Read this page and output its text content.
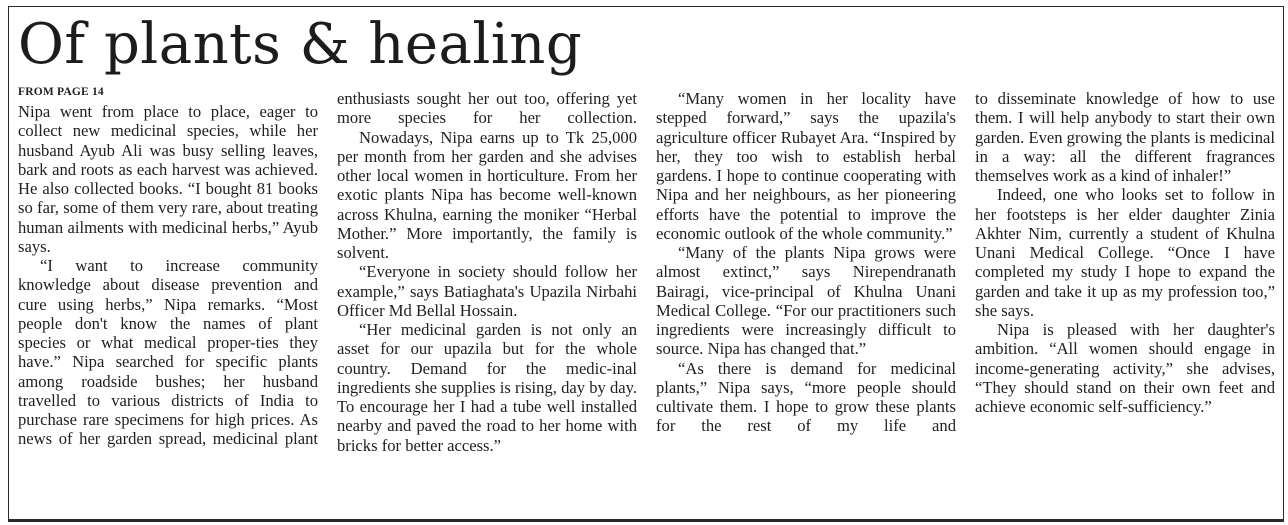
Of plants & healing

FROM PAGE 14

Nipa went from place to place, eager to collect new medicinal species, while her husband Ayub Ali was busy selling leaves, bark and roots as each harvest was achieved. He also collected books. “I bought 81 books so far, some of them very rare, about treating human ailments with medicinal herbs,” Ayub says.

“I want to increase community knowledge about disease prevention and cure using herbs,” Nipa remarks. “Most people don't know the names of plant species or what medical proper-ties they have.” Nipa searched for specific plants among roadside bushes; her husband travelled to various districts of India to purchase rare specimens for high prices. As news of her garden spread, medicinal plant

enthusiasts sought her out too, offering yet more species for her collection.

Nowadays, Nipa earns up to Tk 25,000 per month from her garden and she advises other local women in horticulture. From her exotic plants Nipa has become well-known across Khulna, earning the moniker “Herbal Mother.” More importantly, the family is solvent.

“Everyone in society should follow her example,” says Batiaghata's Upazila Nirbahi Officer Md Bellal Hossain.

“Her medicinal garden is not only an asset for our upazila but for the whole country. Demand for the medic-inal ingredients she supplies is rising, day by day. To encourage her I had a tube well installed nearby and paved the road to her home with bricks for better access.”

“Many women in her locality have stepped forward,” says the upazila's agriculture officer Rubayet Ara. “Inspired by her, they too wish to establish herbal gardens. I hope to continue cooperating with Nipa and her neighbours, as her pioneering efforts have the potential to improve the economic outlook of the whole community.”

“Many of the plants Nipa grows were almost extinct,” says Nirependranath Bairagi, vice-principal of Khulna Unani Medical College. “For our practitioners such ingredients were increasingly difficult to source. Nipa has changed that.”

“As there is demand for medicinal plants,” Nipa says, “more people should cultivate them. I hope to grow these plants for the rest of my life and

to disseminate knowledge of how to use them. I will help anybody to start their own garden. Even growing the plants is medicinal in a way: all the different fragrances themselves work as a kind of inhaler!”

Indeed, one who looks set to follow in her footsteps is her elder daughter Zinia Akhter Nim, currently a student of Khulna Unani Medical College. “Once I have completed my study I hope to expand the garden and take it up as my profession too,” she says.

Nipa is pleased with her daughter's ambition. “All women should engage in income-generating activity,” she advises, “They should stand on their own feet and achieve economic self-sufficiency.”
